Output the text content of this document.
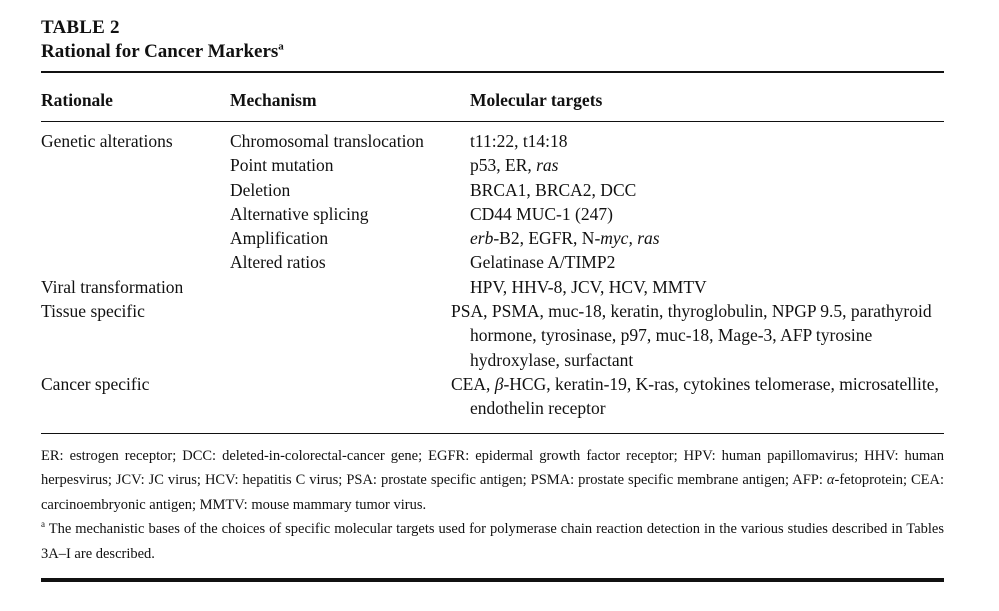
TABLE 2
Rational for Cancer Markers$^a$
Rationale	Mechanism	Molecular targets

Genetic alterations	Chromosomal translocation	t11:22, t14:18
	Point mutation	p53, ER, ras
	Deletion	BRCA1, BRCA2, DCC
	Alternative splicing	CD44 MUC-1 (247)
	Amplification	erb-B2, EGFR, N-myc, ras
	Altered ratios	Gelatinase A/TIMP2
Viral transformation		HPV, HHV-8, JCV, HCV, MMTV
Tissue specific		PSA, PSMA, muc-18, keratin, thyroglobulin, NPGP 9.5, parathyroid hormone, tyrosinase, p97, muc-18, Mage-3, AFP tyrosine hydroxylase, surfactant
Cancer specific		CEA, β-HCG, keratin-19, K-ras, cytokines telomerase, microsatellite, endothelin receptor

ER: estrogen receptor; DCC: deleted-in-colorectal-cancer gene; EGFR: epidermal growth factor receptor; HPV: human papillomavirus; HHV: human herpesvirus; JCV: JC virus; HCV: hepatitis C virus; PSA: prostate specific antigen; PSMA: prostate specific membrane antigen; AFP: α-fetoprotein; CEA: carcinoembryonic antigen; MMTV: mouse mammary tumor virus.

$^a$ The mechanistic bases of the choices of specific molecular targets used for polymerase chain reaction detection in the various studies described in Tables 3A–I are described.
